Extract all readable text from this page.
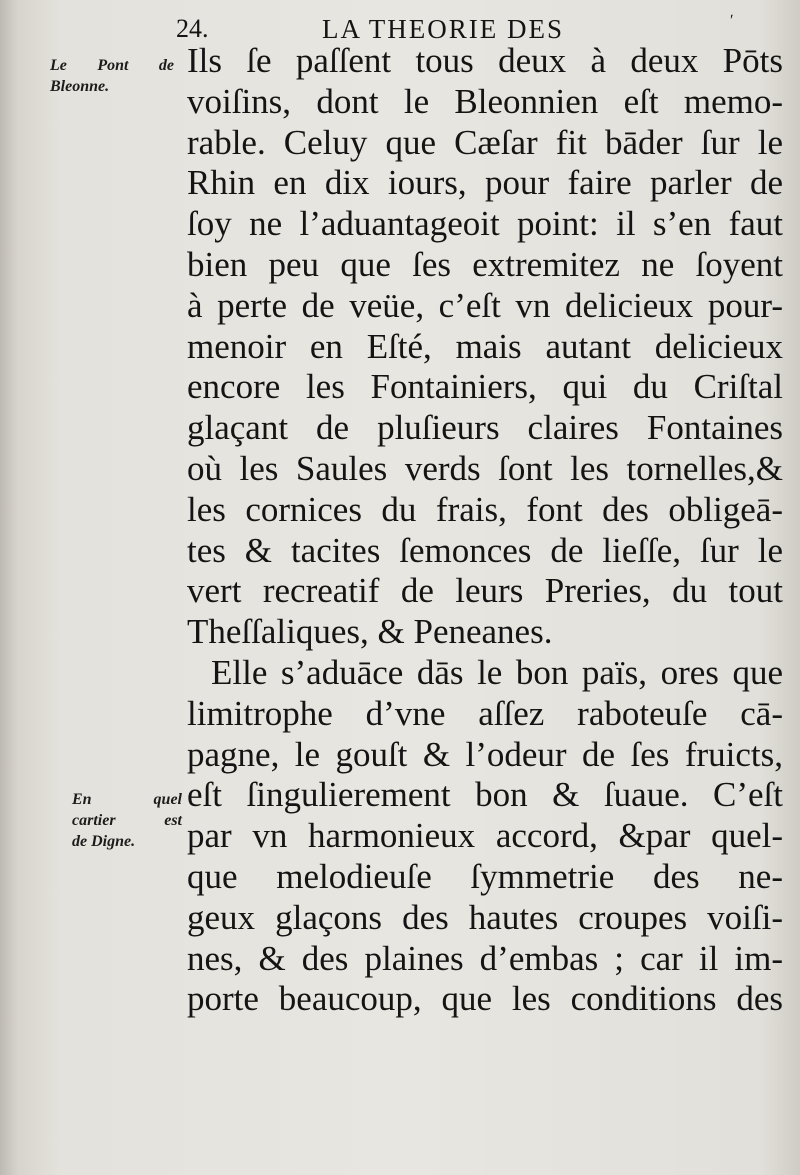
24.	LA THEORIE DES	ʹ
Le Pont de
Bleonne.
En quel
cartier est
de Digne.
Ils ſe paſſent tous deux à deux Pōts
voiſins, dont le Bleonnien eſt memo-
rable. Celuy que Cæſar fit bāder ſur le
Rhin en dix iours, pour faire parler de
ſoy ne l’aduantageoit point: il s’en faut
bien peu que ſes extremitez ne ſoyent
à perte de veüe, c’eſt vn delicieux pour-
menoir en Eſté, mais autant delicieux
encore les Fontainiers, qui du Criſtal
glaçant de pluſieurs claires Fontaines
où les Saules verds ſont les tornelles,&
les cornices du frais, font des obligeā-
tes & tacites ſemonces de lieſſe, ſur le
vert recreatif de leurs Preries, du tout
Theſſaliques, & Peneanes.
Elle s’aduāce dās le bon païs, ores que
limitrophe d’vne aſſez raboteuſe cā-
pagne, le gouſt & l’odeur de ſes fruicts,
eſt ſingulierement bon & ſuaue. C’eſt
par vn harmonieux accord, &par quel-
que melodieuſe ſymmetrie des ne-
geux glaçons des hautes croupes voiſi-
nes, & des plaines d’embas ; car il im-
porte beaucoup, que les conditions des
